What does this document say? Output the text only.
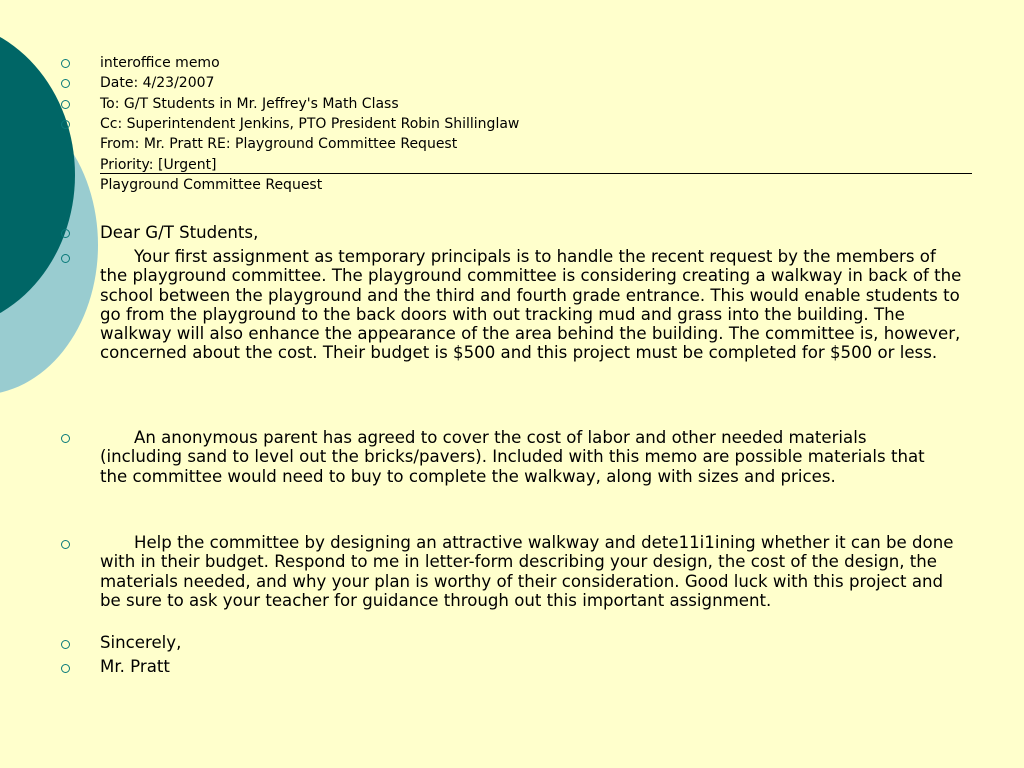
interoffice memo

Date: 4/23/2007

To: G/T Students in Mr. Jeffrey's Math Class

Cc: Superintendent Jenkins, PTO President Robin Shillinglaw

From: Mr. Pratt RE: Playground Committee Request

Priority: [Urgent]

Playground Committee Request

Dear G/T Students,

Your first assignment as temporary principals is to handle the recent request by the members of the playground committee. The playground committee is considering creating a walkway in back of the school between the playground and the third and fourth grade entrance. This would enable students to go from the playground to the back doors with out tracking mud and grass into the building. The walkway will also enhance the appearance of the area behind the building. The committee is, however, concerned about the cost. Their budget is $500 and this project must be completed for $500 or less.

An anonymous parent has agreed to cover the cost of labor and other needed materials (including sand to level out the bricks/pavers). Included with this memo are possible materials that the committee would need to buy to complete the walkway, along with sizes and prices.

Help the committee by designing an attractive walkway and dete11i1ining whether it can be done with in their budget. Respond to me in letter-form describing your design, the cost of the design, the materials needed, and why your plan is worthy of their consideration. Good luck with this project and be sure to ask your teacher for guidance through out this important assignment.

Sincerely,

Mr. Pratt
